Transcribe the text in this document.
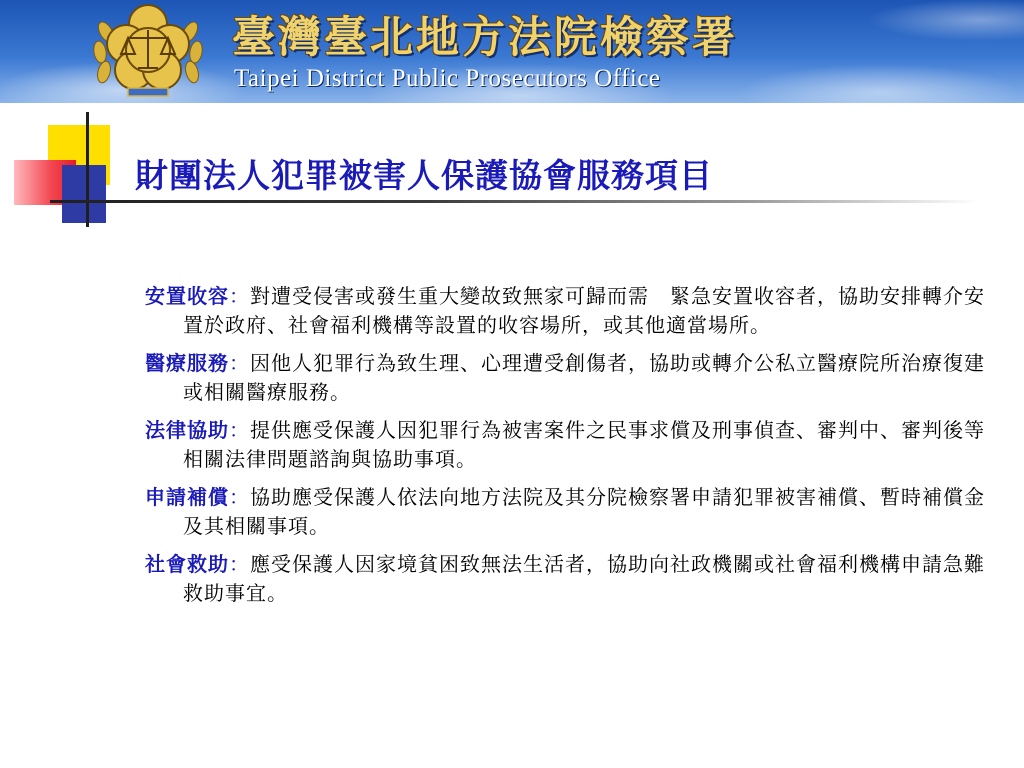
臺灣臺北地方法院檢察署
Taipei District Public Prosecutors Office
財團法人犯罪被害人保護協會服務項目
安置收容：對遭受侵害或發生重大變故致無家可歸而需　緊急安置收容者，協助安排轉介安置於政府、社會福利機構等設置的收容場所，或其他適當場所。
醫療服務：因他人犯罪行為致生理、心理遭受創傷者，協助或轉介公私立醫療院所治療復建或相關醫療服務。
法律協助：提供應受保護人因犯罪行為被害案件之民事求償及刑事偵查、審判中、審判後等相關法律問題諮詢與協助事項。
申請補償：協助應受保護人依法向地方法院及其分院檢察署申請犯罪被害補償、暫時補償金及其相關事項。
社會救助：應受保護人因家境貧困致無法生活者，協助向社政機關或社會福利機構申請急難救助事宜。
